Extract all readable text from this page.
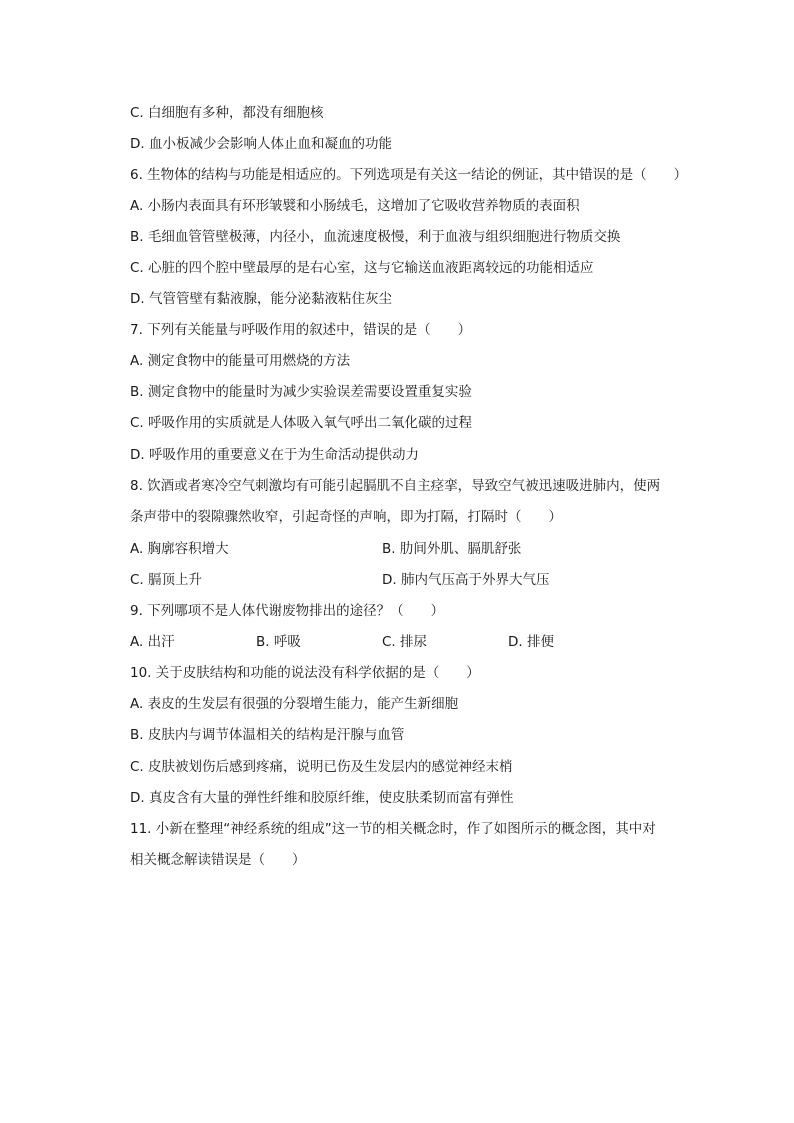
C. 白细胞有多种，都没有细胞核
D. 血小板减少会影响人体止血和凝血的功能
6. 生物体的结构与功能是相适应的。下列选项是有关这一结论的例证，其中错误的是（　　）
A. 小肠内表面具有环形皱襞和小肠绒毛，这增加了它吸收营养物质的表面积
B. 毛细血管管壁极薄，内径小，血流速度极慢，利于血液与组织细胞进行物质交换
C. 心脏的四个腔中壁最厚的是右心室，这与它输送血液距离较远的功能相适应
D. 气管管壁有黏液腺，能分泌黏液粘住灰尘
7. 下列有关能量与呼吸作用的叙述中，错误的是（　　）
A. 测定食物中的能量可用燃烧的方法
B. 测定食物中的能量时为减少实验误差需要设置重复实验
C. 呼吸作用的实质就是人体吸入氧气呼出二氧化碳的过程
D. 呼吸作用的重要意义在于为生命活动提供动力
8. 饮酒或者寒冷空气刺激均有可能引起膈肌不自主痉挛，导致空气被迅速吸进肺内，使两
条声带中的裂隙骤然收窄，引起奇怪的声响，即为打隔，打隔时（　　）
A. 胸廓容积增大	B. 肋间外肌、膈肌舒张
C. 膈顶上升	D. 肺内气压高于外界大气压
9. 下列哪项不是人体代谢废物排出的途径？（　　）
A. 出汗	B. 呼吸	C. 排尿	D. 排便
10. 关于皮肤结构和功能的说法没有科学依据的是（　　）
A. 表皮的生发层有很强的分裂增生能力，能产生新细胞
B. 皮肤内与调节体温相关的结构是汗腺与血管
C. 皮肤被划伤后感到疼痛，说明已伤及生发层内的感觉神经末梢
D. 真皮含有大量的弹性纤维和胶原纤维，使皮肤柔韧而富有弹性
11. 小新在整理“神经系统的组成”这一节的相关概念时，作了如图所示的概念图，其中对
相关概念解读错误是（　　）
